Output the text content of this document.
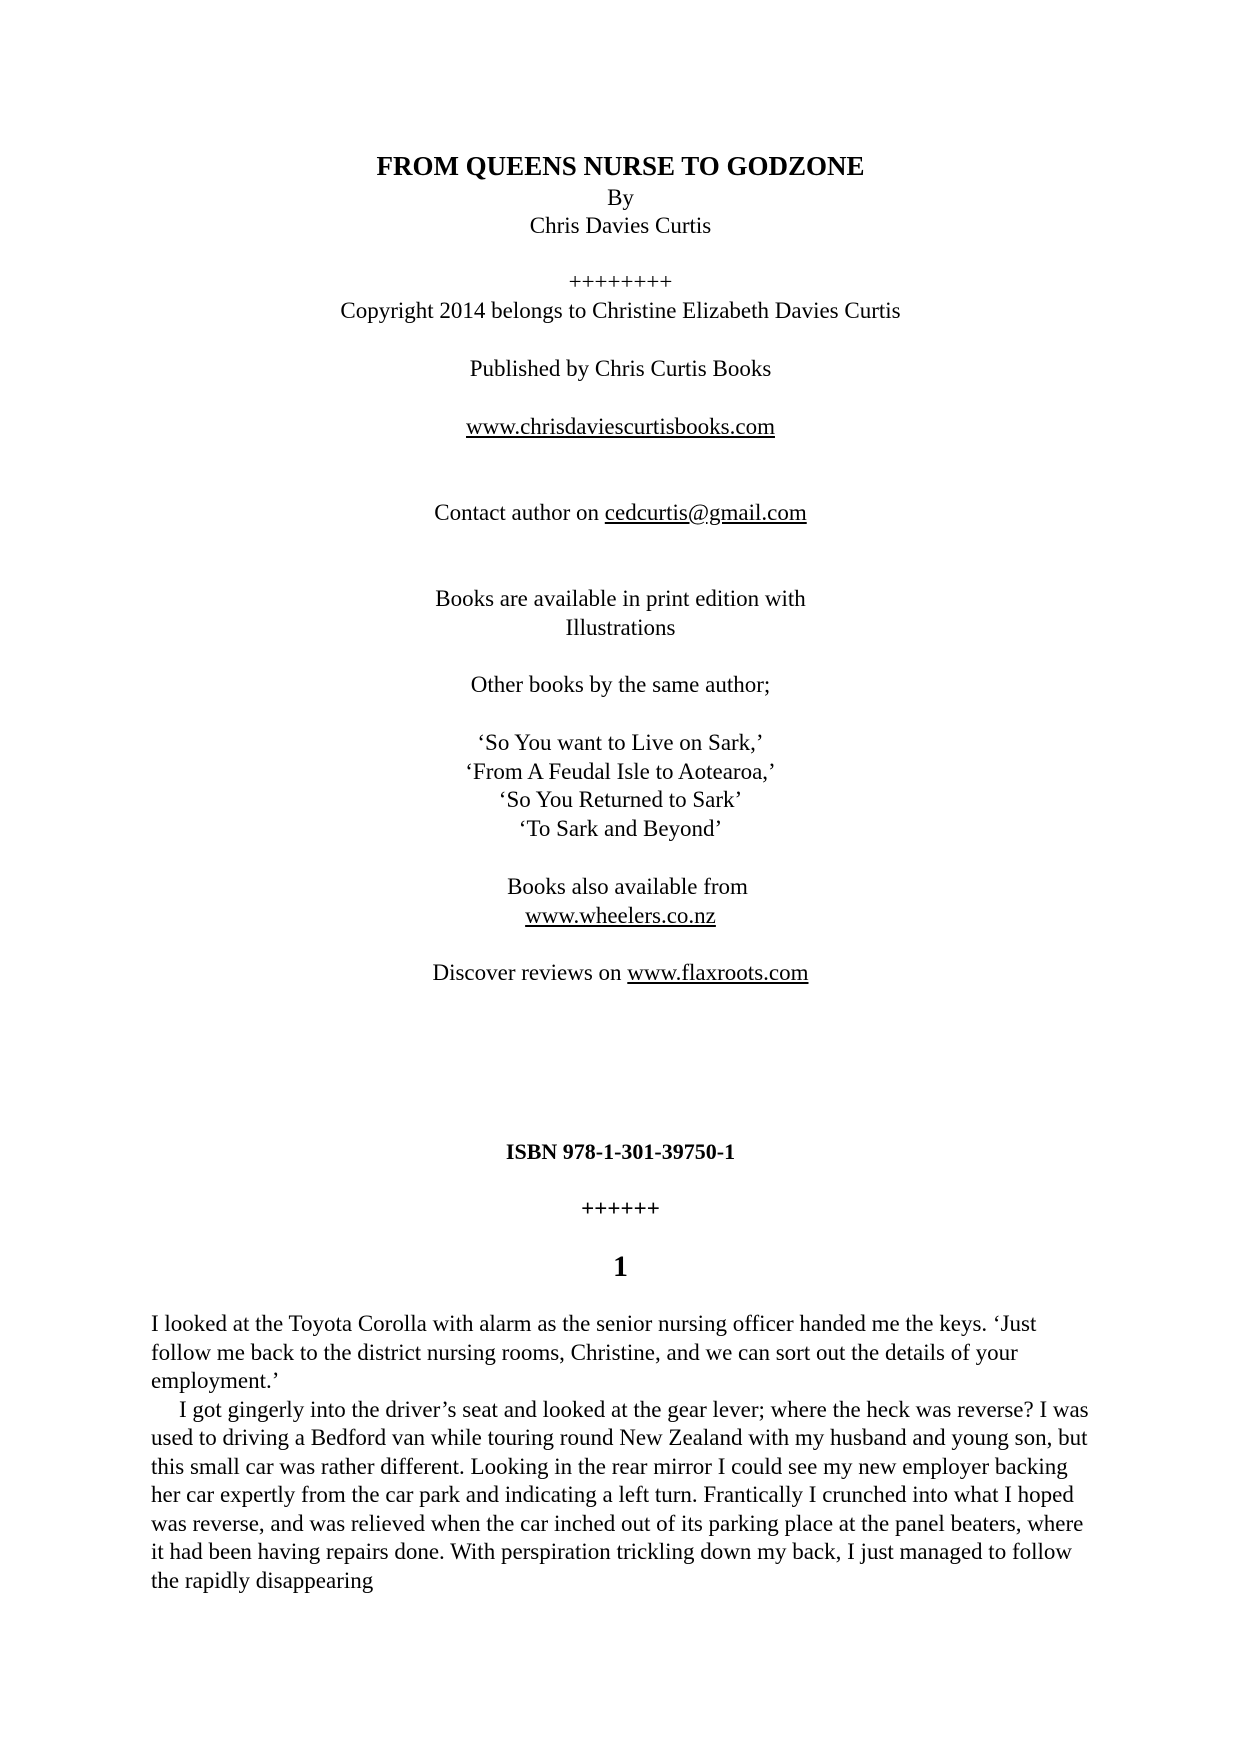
FROM QUEENS NURSE TO GODZONE
By
Chris Davies Curtis
++++++++
Copyright 2014 belongs to Christine Elizabeth Davies Curtis
Published by Chris Curtis Books
www.chrisdaviescurtisbooks.com
Contact author on cedcurtis@gmail.com
Books are available in print edition with
Illustrations
Other books by the same author;
‘So You want to Live on Sark,’
‘From A Feudal Isle to Aotearoa,’
‘So You Returned to Sark’
‘To Sark and Beyond’
Books also available from
www.wheelers.co.nz
Discover reviews on www.flaxroots.com
ISBN 978-1-301-39750-1
++++++
1

I looked at the Toyota Corolla with alarm as the senior nursing officer handed me the keys. ‘Just follow me back to the district nursing rooms, Christine, and we can sort out the details of your employment.’

I got gingerly into the driver’s seat and looked at the gear lever; where the heck was reverse? I was used to driving a Bedford van while touring round New Zealand with my husband and young son, but this small car was rather different. Looking in the rear mirror I could see my new employer backing her car expertly from the car park and indicating a left turn. Frantically I crunched into what I hoped was reverse, and was relieved when the car inched out of its parking place at the panel beaters, where it had been having repairs done. With perspiration trickling down my back, I just managed to follow the rapidly disappearing
